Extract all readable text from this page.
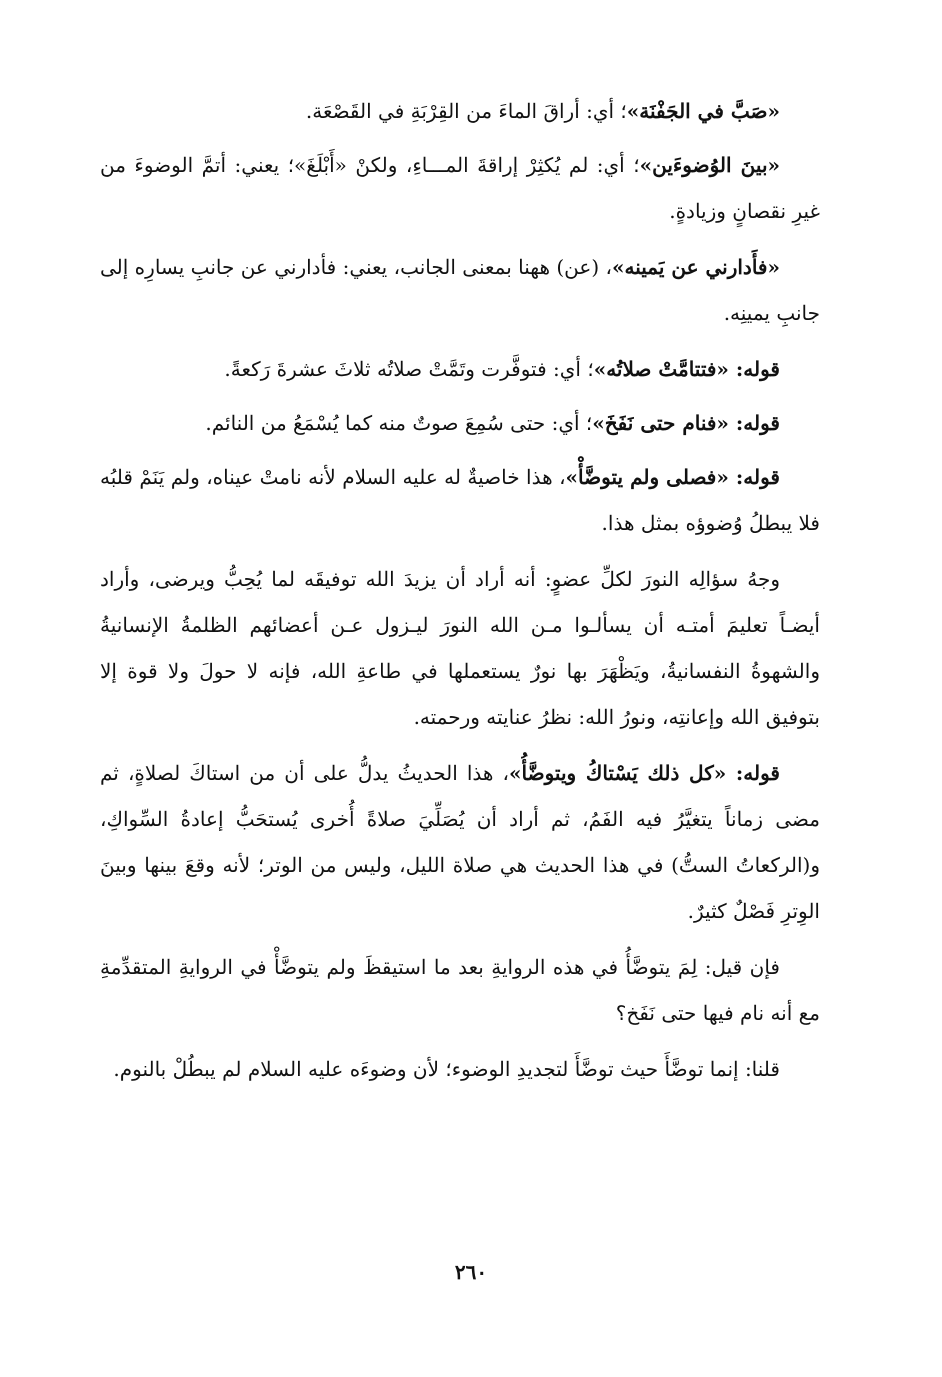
«صَبَّ في الجَفْنَة»؛ أي: أراقَ الماءَ من القِرْبَةِ في القَصْعَة.

«بينَ الوُضوءَين»؛ أي: لم يُكثِرْ إراقةَ المـــاءِ، ولكنْ «أَبْلَغَ»؛ يعني: أتمَّ الوضوءَ من غيرِ نقصانٍ وزيادةٍ.

«فأَدارني عن يَمينه»، (عن) ههنا بمعنى الجانب، يعني: فأدارني عن جانبِ يسارِه إلى جانبِ يمينِه.

قوله: «فتتامَّتْ صلاتُه»؛ أي: فتوفَّرت وتَمَّتْ صلاتُه ثلاثَ عشرةَ رَكعةً.

قوله: «فنام حتى نَفَخَ»؛ أي: حتى سُمِعَ صوتٌ منه كما يُسْمَعُ من النائم.

قوله: «فصلى ولم يتوضَّأْ»، هذا خاصيةٌ له عليه السلام لأنه نامتْ عيناه، ولم يَنَمْ قلبُه فلا يبطلُ وُضوؤه بمثل هذا.

وجهُ سؤالِه النورَ لكلِّ عضوٍ: أنه أراد أن يزيدَ الله توفيقَه لما يُحِبُّ ويرضى، وأراد أيضـاً تعليمَ أمتـه أن يسألـوا مـن الله النورَ ليـزول عـن أعضائهم الظلمةُ الإنسانيةُ والشهوةُ النفسانيةُ، ويَظْهَرَ بها نورٌ يستعملها في طاعةِ الله، فإنه لا حولَ ولا قوة إلا بتوفيق الله وإعانتِه، ونورُ الله: نظرُ عنايته ورحمته.

قوله: «كل ذلك يَسْتاكُ ويتوضَّأُ»، هذا الحديثُ يدلُّ على أن من استاكَ لصلاةٍ، ثم مضى زماناً يتغيَّرُ فيه الفَمُ، ثم أراد أن يُصَلِّيَ صلاةً أُخرى يُستحَبُّ إعادةُ السِّواكِ، و(الركعاتُ الستُّ) في هذا الحديث هي صلاة الليل، وليس من الوتر؛ لأنه وقعَ بينها وبينَ الوِترِ فَصْلٌ كثيرٌ.

فإن قيل: لِمَ يتوضَّأُ في هذه الروايةِ بعد ما استيقظَ ولم يتوضَّأْ في الروايةِ المتقدِّمةِ مع أنه نام فيها حتى نَفَخ؟

قلنا: إنما توضَّأَ حيث توضَّأَ لتجديدِ الوضوء؛ لأن وضوءَه عليه السلام لم يبطُلْ بالنوم.

٢٦٠
